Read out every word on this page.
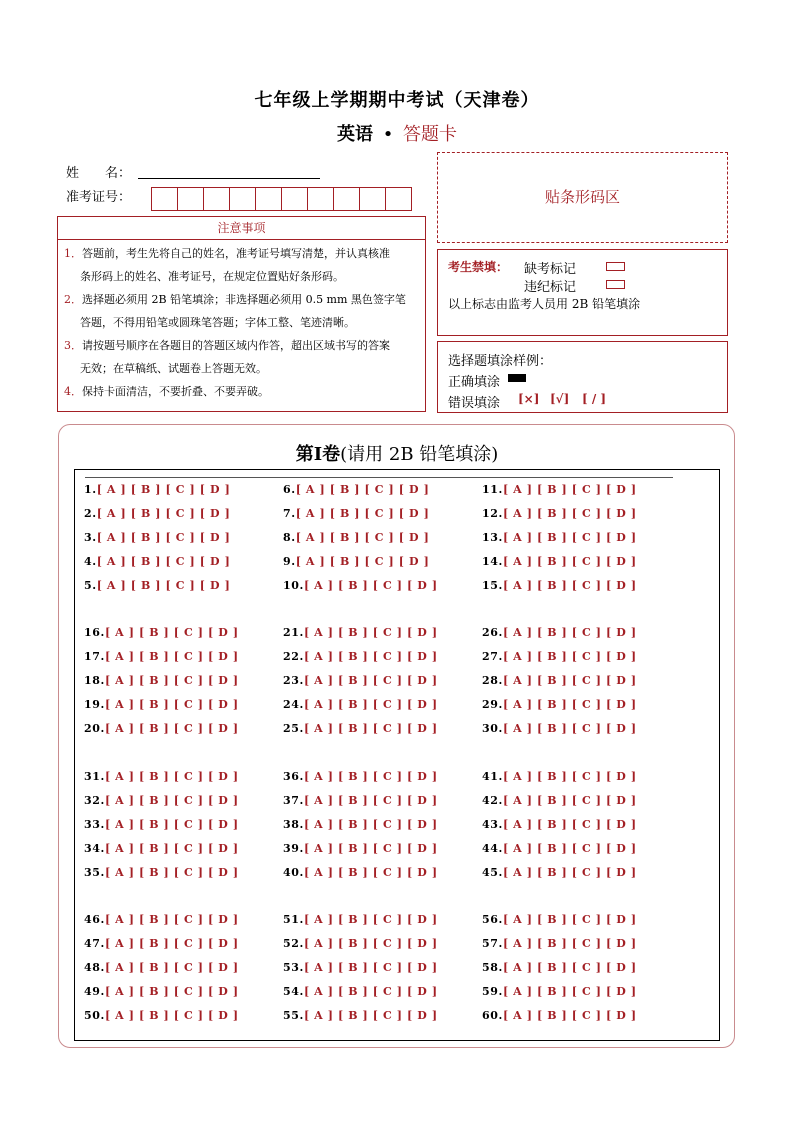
七年级上学期期中考试（天津卷）
英语 • 答题卡
姓　　名：
准考证号：
注意事项
1．答题前，考生先将自己的姓名，准考证号填写清楚，并认真核准
条形码上的姓名、准考证号，在规定位置贴好条形码。
2．选择题必须用 2B 铅笔填涂；非选择题必须用 0.5 mm 黑色签字笔
答题，不得用铅笔或圆珠笔答题；字体工整、笔迹清晰。
3．请按题号顺序在各题目的答题区域内作答，超出区域书写的答案
无效；在草稿纸、试题卷上答题无效。
4．保持卡面清洁，不要折叠、不要弄破。
贴条形码区
考生禁填： 缺考标记
违纪标记
以上标志由监考人员用 2B 铅笔填涂
选择题填涂样例：
正确填涂
错误填涂 [×] [√] [ / ]
第Ⅰ卷(请用 2B 铅笔填涂)
1.[ A ] [ B ] [ C ] [ D ]
2.[ A ] [ B ] [ C ] [ D ]
3.[ A ] [ B ] [ C ] [ D ]
4.[ A ] [ B ] [ C ] [ D ]
5.[ A ] [ B ] [ C ] [ D ]
6.[ A ] [ B ] [ C ] [ D ]
7.[ A ] [ B ] [ C ] [ D ]
8.[ A ] [ B ] [ C ] [ D ]
9.[ A ] [ B ] [ C ] [ D ]
10.[ A ] [ B ] [ C ] [ D ]
11.[ A ] [ B ] [ C ] [ D ]
12.[ A ] [ B ] [ C ] [ D ]
13.[ A ] [ B ] [ C ] [ D ]
14.[ A ] [ B ] [ C ] [ D ]
15.[ A ] [ B ] [ C ] [ D ]
16.[ A ] [ B ] [ C ] [ D ]
17.[ A ] [ B ] [ C ] [ D ]
18.[ A ] [ B ] [ C ] [ D ]
19.[ A ] [ B ] [ C ] [ D ]
20.[ A ] [ B ] [ C ] [ D ]
21.[ A ] [ B ] [ C ] [ D ]
22.[ A ] [ B ] [ C ] [ D ]
23.[ A ] [ B ] [ C ] [ D ]
24.[ A ] [ B ] [ C ] [ D ]
25.[ A ] [ B ] [ C ] [ D ]
26.[ A ] [ B ] [ C ] [ D ]
27.[ A ] [ B ] [ C ] [ D ]
28.[ A ] [ B ] [ C ] [ D ]
29.[ A ] [ B ] [ C ] [ D ]
30.[ A ] [ B ] [ C ] [ D ]
31.[ A ] [ B ] [ C ] [ D ]
32.[ A ] [ B ] [ C ] [ D ]
33.[ A ] [ B ] [ C ] [ D ]
34.[ A ] [ B ] [ C ] [ D ]
35.[ A ] [ B ] [ C ] [ D ]
36.[ A ] [ B ] [ C ] [ D ]
37.[ A ] [ B ] [ C ] [ D ]
38.[ A ] [ B ] [ C ] [ D ]
39.[ A ] [ B ] [ C ] [ D ]
40.[ A ] [ B ] [ C ] [ D ]
41.[ A ] [ B ] [ C ] [ D ]
42.[ A ] [ B ] [ C ] [ D ]
43.[ A ] [ B ] [ C ] [ D ]
44.[ A ] [ B ] [ C ] [ D ]
45.[ A ] [ B ] [ C ] [ D ]
46.[ A ] [ B ] [ C ] [ D ]
47.[ A ] [ B ] [ C ] [ D ]
48.[ A ] [ B ] [ C ] [ D ]
49.[ A ] [ B ] [ C ] [ D ]
50.[ A ] [ B ] [ C ] [ D ]
51.[ A ] [ B ] [ C ] [ D ]
52.[ A ] [ B ] [ C ] [ D ]
53.[ A ] [ B ] [ C ] [ D ]
54.[ A ] [ B ] [ C ] [ D ]
55.[ A ] [ B ] [ C ] [ D ]
56.[ A ] [ B ] [ C ] [ D ]
57.[ A ] [ B ] [ C ] [ D ]
58.[ A ] [ B ] [ C ] [ D ]
59.[ A ] [ B ] [ C ] [ D ]
60.[ A ] [ B ] [ C ] [ D ]
